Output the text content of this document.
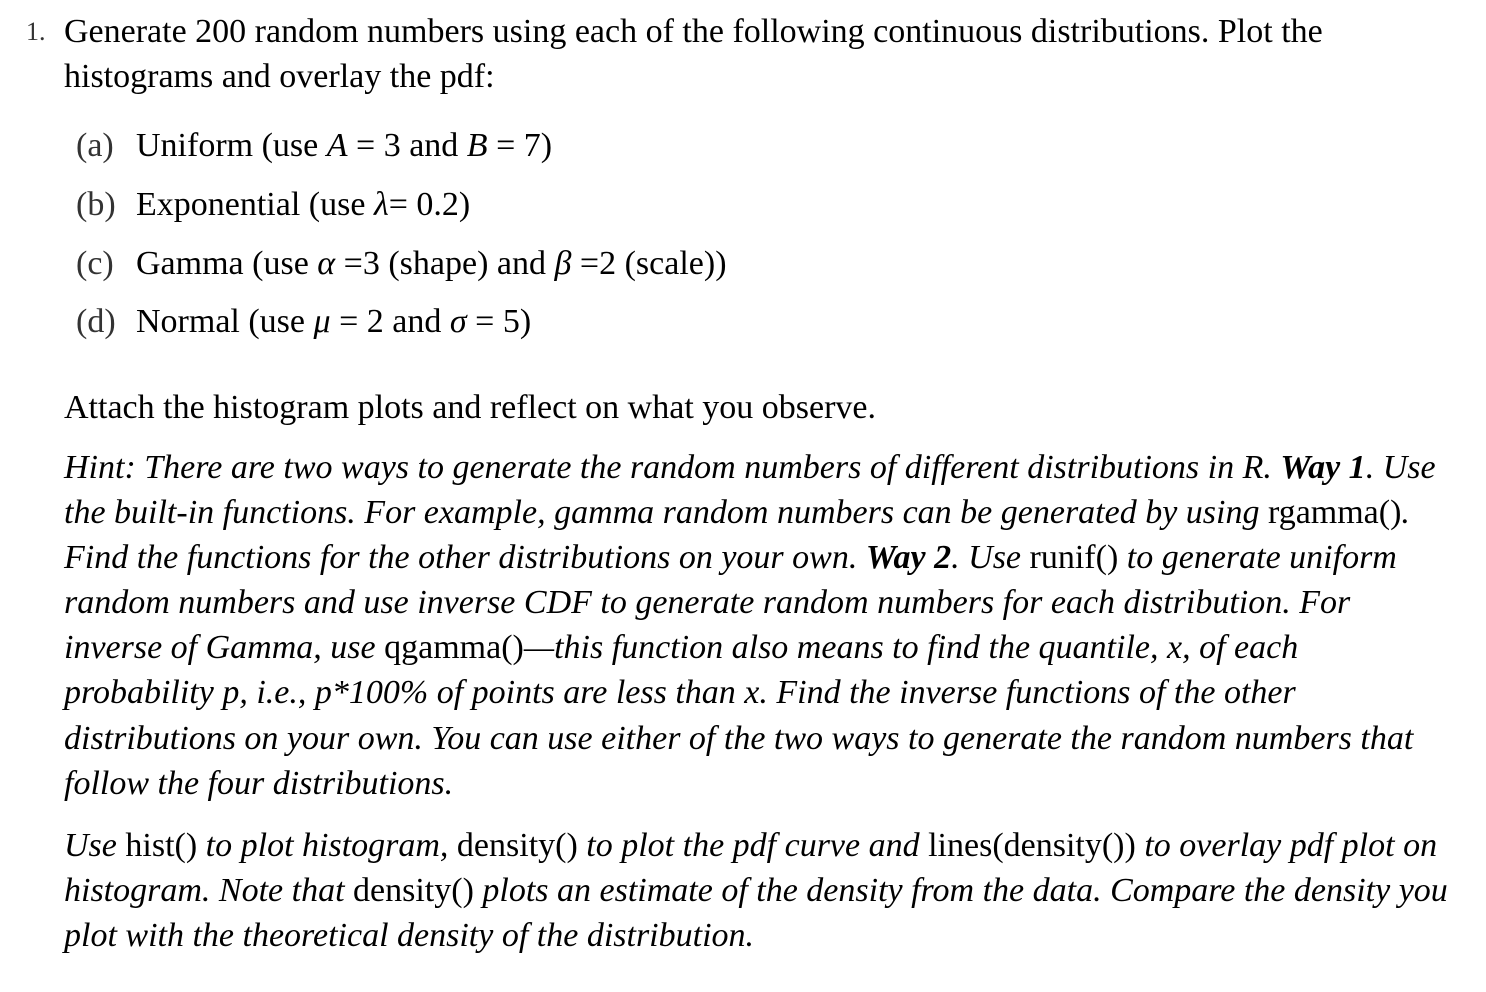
1. Generate 200 random numbers using each of the following continuous distributions. Plot the histograms and overlay the pdf:
(a) Uniform (use A = 3 and B = 7)
(b) Exponential (use λ= 0.2)
(c) Gamma (use α =3 (shape) and β =2 (scale))
(d) Normal (use μ = 2 and σ = 5)
Attach the histogram plots and reflect on what you observe.
Hint: There are two ways to generate the random numbers of different distributions in R. Way 1. Use the built-in functions. For example, gamma random numbers can be generated by using rgamma(). Find the functions for the other distributions on your own. Way 2. Use runif() to generate uniform random numbers and use inverse CDF to generate random numbers for each distribution. For inverse of Gamma, use qgamma()—this function also means to find the quantile, x, of each probability p, i.e., p*100% of points are less than x. Find the inverse functions of the other distributions on your own. You can use either of the two ways to generate the random numbers that follow the four distributions.
Use hist() to plot histogram, density() to plot the pdf curve and lines(density()) to overlay pdf plot on histogram. Note that density() plots an estimate of the density from the data. Compare the density you plot with the theoretical density of the distribution.
